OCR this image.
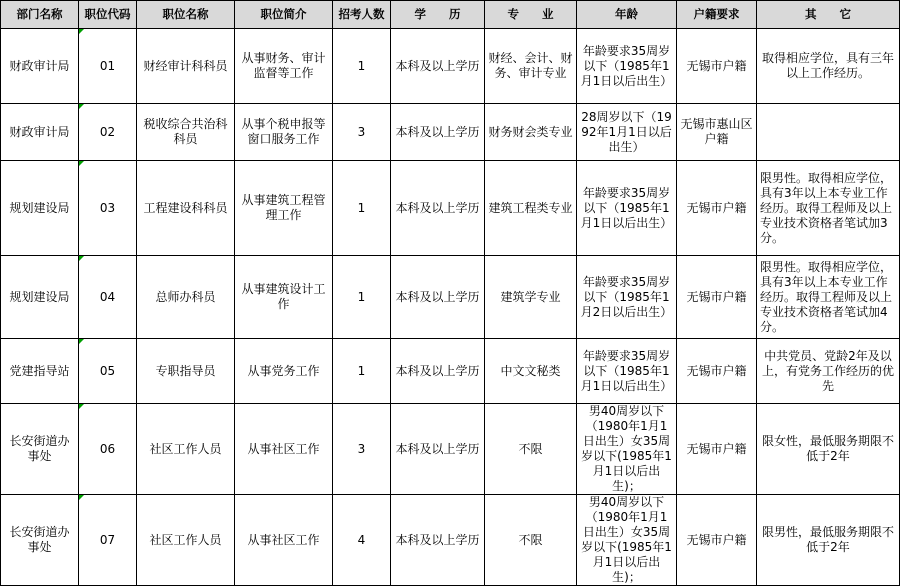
部门名称	职位代码	职位名称	职位简介	招考人数	学　　历	专　　业	年龄	户籍要求	其　　它
财政审计局	01	财经审计科科员	从事财务、审计监督等工作	1	本科及以上学历	财经、会计、财务、审计专业	年龄要求35周岁以下（1985年1月1日以后出生）	无锡市户籍	取得相应学位，具有三年以上工作经历。
财政审计局	02	税收综合共治科科员	从事个税申报等窗口服务工作	3	本科及以上学历	财务财会类专业	28周岁以下（1992年1月1日以后出生）	无锡市惠山区户籍	
规划建设局	03	工程建设科科员	从事建筑工程管理工作	1	本科及以上学历	建筑工程类专业	年龄要求35周岁以下（1985年1月1日以后出生）	无锡市户籍	限男性。取得相应学位，具有3年以上本专业工作经历。取得工程师及以上专业技术资格者笔试加3分。
规划建设局	04	总师办科员	从事建筑设计工作	1	本科及以上学历	建筑学专业	年龄要求35周岁以下（1985年1月2日以后出生）	无锡市户籍	限男性。取得相应学位，具有3年以上本专业工作经历。取得工程师及以上专业技术资格者笔试加4分。
党建指导站	05	专职指导员	从事党务工作	1	本科及以上学历	中文文秘类	年龄要求35周岁以下（1985年1月1日以后出生）	无锡市户籍	中共党员、党龄2年及以上，有党务工作经历的优先
长安街道办事处	06	社区工作人员	从事社区工作	3	本科及以上学历	不限	男40周岁以下（1980年1月1日出生）女35周岁以下(1985年1月1日以后出生)；	无锡市户籍	限女性，最低服务期限不低于2年
长安街道办事处	07	社区工作人员	从事社区工作	4	本科及以上学历	不限	男40周岁以下（1980年1月1日出生）女35周岁以下(1985年1月1日以后出生)；	无锡市户籍	限男性，最低服务期限不低于2年
